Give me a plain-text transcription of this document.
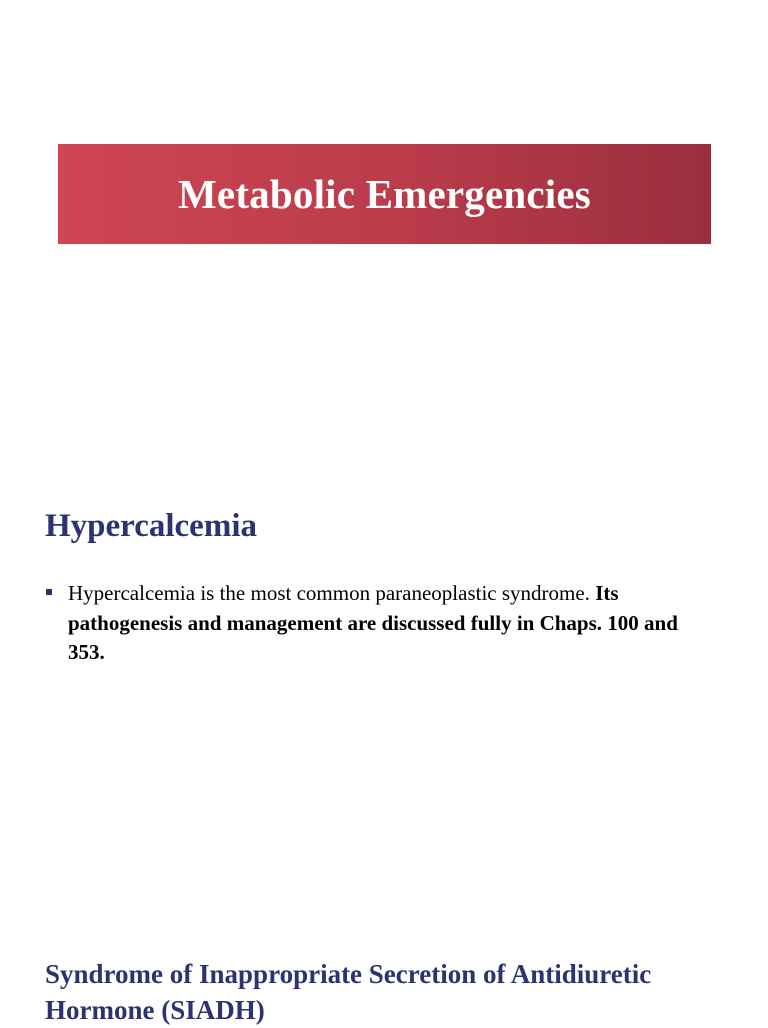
Metabolic Emergencies
Hypercalcemia
Hypercalcemia is the most common paraneoplastic syndrome. Its pathogenesis and management are discussed fully in Chaps. 100 and 353.
Syndrome of Inappropriate Secretion of Antidiuretic Hormone (SIADH)
